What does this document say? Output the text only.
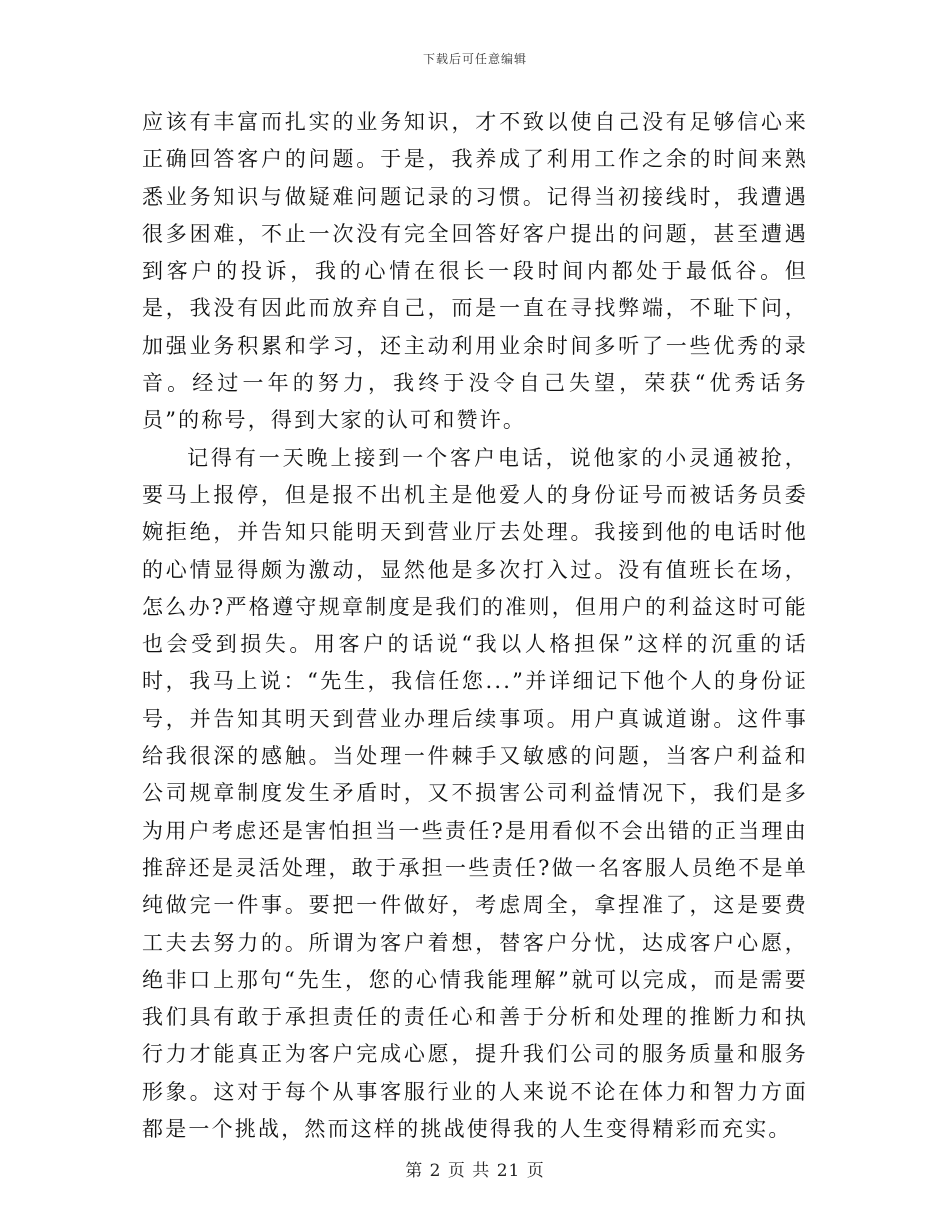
下载后可任意编辑

应该有丰富而扎实的业务知识，才不致以使自己没有足够信心来正确回答客户的问题。于是，我养成了利用工作之余的时间来熟悉业务知识与做疑难问题记录的习惯。记得当初接线时，我遭遇很多困难，不止一次没有完全回答好客户提出的问题，甚至遭遇到客户的投诉，我的心情在很长一段时间内都处于最低谷。但是，我没有因此而放弃自己，而是一直在寻找弊端，不耻下问，加强业务积累和学习，还主动利用业余时间多听了一些优秀的录音。经过一年的努力，我终于没令自己失望，荣获“优秀话务员”的称号，得到大家的认可和赞许。

记得有一天晚上接到一个客户电话，说他家的小灵通被抢，要马上报停，但是报不出机主是他爱人的身份证号而被话务员委婉拒绝，并告知只能明天到营业厅去处理。我接到他的电话时他的心情显得颇为激动，显然他是多次打入过。没有值班长在场，怎么办?严格遵守规章制度是我们的准则，但用户的利益这时可能也会受到损失。用客户的话说“我以人格担保”这样的沉重的话时，我马上说：“先生，我信任您...”并详细记下他个人的身份证号，并告知其明天到营业办理后续事项。用户真诚道谢。这件事给我很深的感触。当处理一件棘手又敏感的问题，当客户利益和公司规章制度发生矛盾时，又不损害公司利益情况下，我们是多为用户考虑还是害怕担当一些责任?是用看似不会出错的正当理由推辞还是灵活处理，敢于承担一些责任?做一名客服人员绝不是单纯做完一件事。要把一件做好，考虑周全，拿捏准了，这是要费工夫去努力的。所谓为客户着想，替客户分忧，达成客户心愿，绝非口上那句“先生，您的心情我能理解”就可以完成，而是需要我们具有敢于承担责任的责任心和善于分析和处理的推断力和执行力才能真正为客户完成心愿，提升我们公司的服务质量和服务形象。这对于每个从事客服行业的人来说不论在体力和智力方面都是一个挑战，然而这样的挑战使得我的人生变得精彩而充实。

第 2 页 共 21 页
